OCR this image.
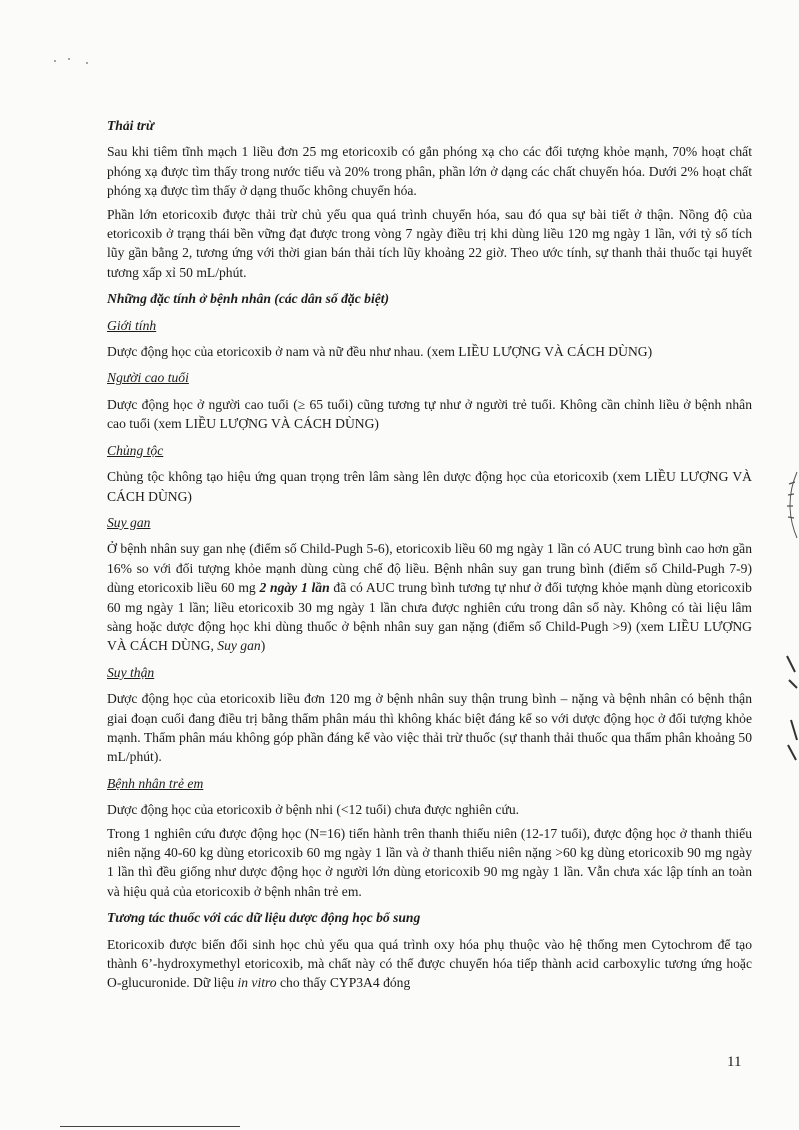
Thải trừ

Sau khi tiêm tĩnh mạch 1 liều đơn 25 mg etoricoxib có gắn phóng xạ cho các đối tượng khỏe mạnh, 70% hoạt chất phóng xạ được tìm thấy trong nước tiểu và 20% trong phân, phần lớn ở dạng các chất chuyển hóa. Dưới 2% hoạt chất phóng xạ được tìm thấy ở dạng thuốc không chuyển hóa.

Phần lớn etoricoxib được thải trừ chủ yếu qua quá trình chuyển hóa, sau đó qua sự bài tiết ở thận. Nồng độ của etoricoxib ở trạng thái bền vững đạt được trong vòng 7 ngày điều trị khi dùng liều 120 mg ngày 1 lần, với tỷ số tích lũy gần bằng 2, tương ứng với thời gian bán thải tích lũy khoảng 22 giờ. Theo ước tính, sự thanh thải thuốc tại huyết tương xấp xỉ 50 mL/phút.

Những đặc tính ở bệnh nhân (các dân số đặc biệt)

Giới tính

Dược động học của etoricoxib ở nam và nữ đều như nhau. (xem LIỀU LƯỢNG VÀ CÁCH DÙNG)

Người cao tuổi

Dược động học ở người cao tuổi (≥ 65 tuổi) cũng tương tự như ở người trẻ tuổi. Không cần chỉnh liều ở bệnh nhân cao tuổi (xem LIỀU LƯỢNG VÀ CÁCH DÙNG)

Chủng tộc

Chủng tộc không tạo hiệu ứng quan trọng trên lâm sàng lên dược động học của etoricoxib (xem LIỀU LƯỢNG VÀ CÁCH DÙNG)

Suy gan

Ở bệnh nhân suy gan nhẹ (điểm số Child-Pugh 5-6), etoricoxib liều 60 mg ngày 1 lần có AUC trung bình cao hơn gần 16% so với đối tượng khỏe mạnh dùng cùng chế độ liều. Bệnh nhân suy gan trung bình (điểm số Child-Pugh 7-9) dùng etoricoxib liều 60 mg 2 ngày 1 lần đã có AUC trung bình tương tự như ở đối tượng khỏe mạnh dùng etoricoxib 60 mg ngày 1 lần; liều etoricoxib 30 mg ngày 1 lần chưa được nghiên cứu trong dân số này. Không có tài liệu lâm sàng hoặc dược động học khi dùng thuốc ở bệnh nhân suy gan nặng (điểm số Child-Pugh >9) (xem LIỀU LƯỢNG VÀ CÁCH DÙNG, Suy gan)

Suy thận

Dược động học của etoricoxib liều đơn 120 mg ở bệnh nhân suy thận trung bình – nặng và bệnh nhân có bệnh thận giai đoạn cuối đang điều trị bằng thẩm phân máu thì không khác biệt đáng kể so với dược động học ở đối tượng khỏe mạnh. Thẩm phân máu không góp phần đáng kể vào việc thải trừ thuốc (sự thanh thải thuốc qua thẩm phân khoảng 50 mL/phút).

Bệnh nhân trẻ em

Dược động học của etoricoxib ở bệnh nhi (<12 tuổi) chưa được nghiên cứu.

Trong 1 nghiên cứu được động học (N=16) tiến hành trên thanh thiếu niên (12-17 tuổi), được động học ở thanh thiếu niên nặng 40-60 kg dùng etoricoxib 60 mg ngày 1 lần và ở thanh thiếu niên nặng >60 kg dùng etoricoxib 90 mg ngày 1 lần thì đều giống như dược động học ở người lớn dùng etoricoxib 90 mg ngày 1 lần. Vẫn chưa xác lập tính an toàn và hiệu quả của etoricoxib ở bệnh nhân trẻ em.

Tương tác thuốc với các dữ liệu dược động học bổ sung

Etoricoxib được biến đổi sinh học chủ yếu qua quá trình oxy hóa phụ thuộc vào hệ thống men Cytochrom để tạo thành 6’-hydroxymethyl etoricoxib, mà chất này có thể được chuyển hóa tiếp thành acid carboxylic tương ứng hoặc O-glucuronide. Dữ liệu in vitro cho thấy CYP3A4 đóng

11
